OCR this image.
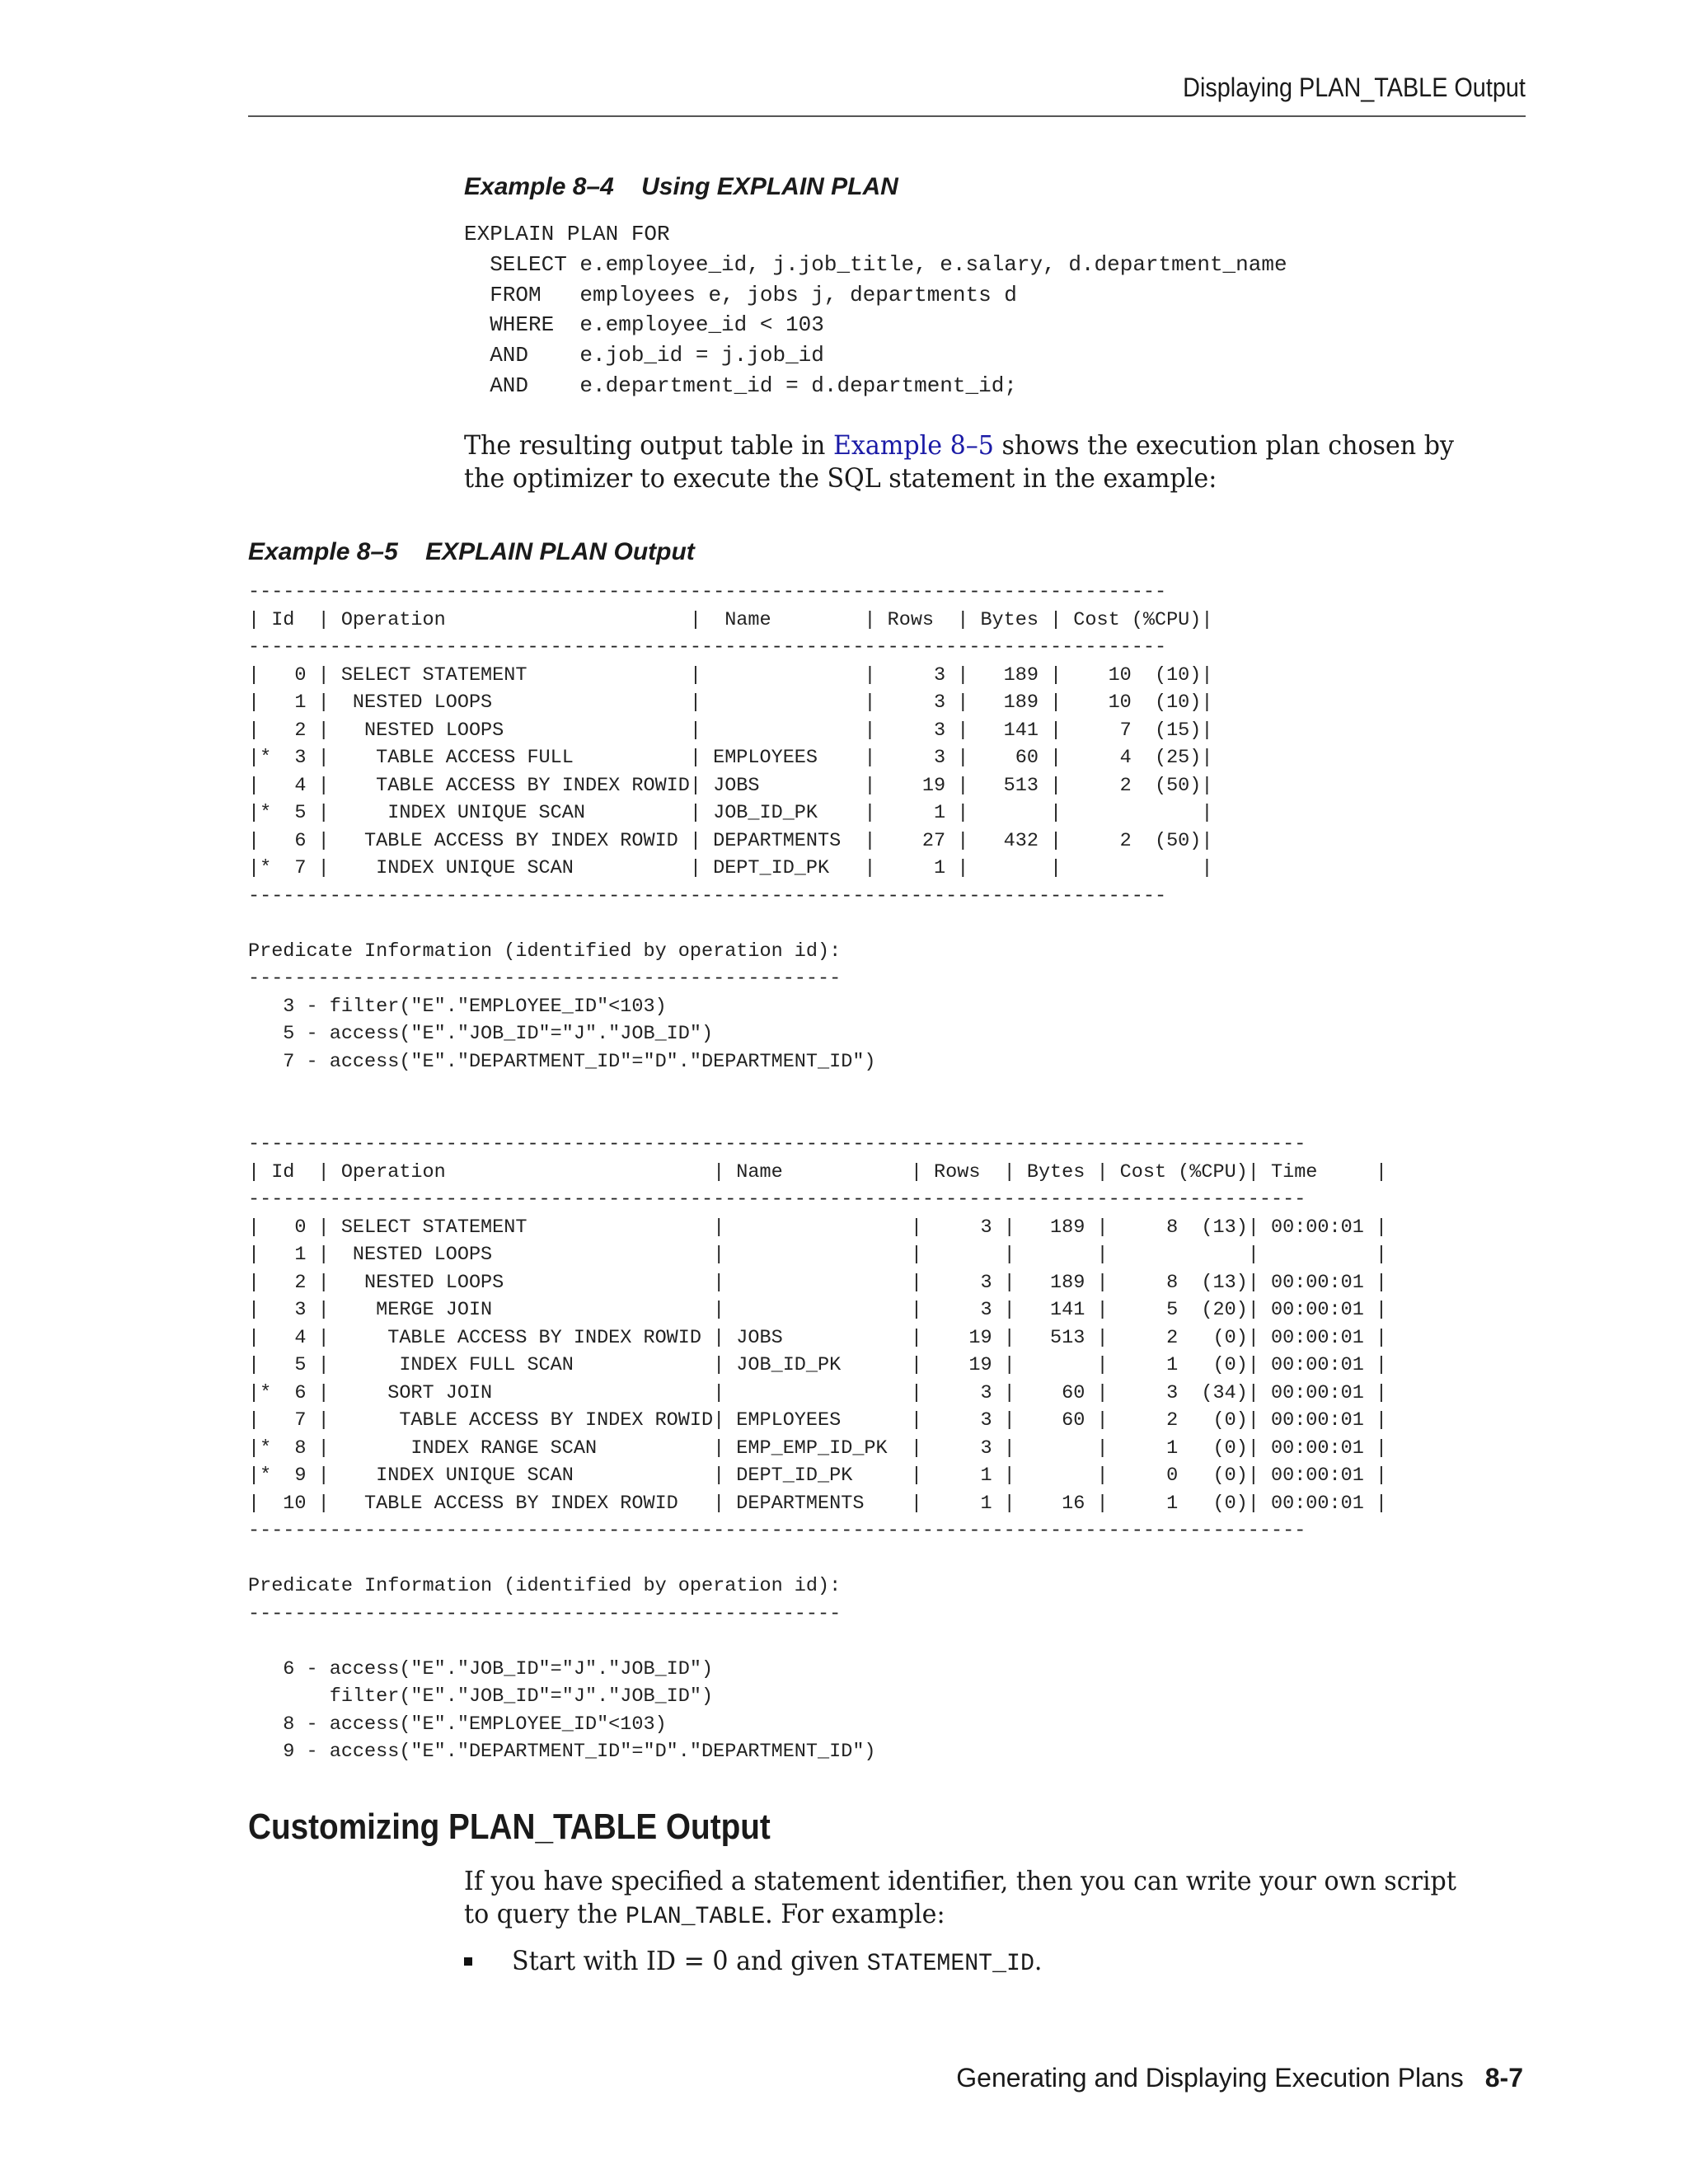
Displaying PLAN_TABLE Output
Example 8–4    Using EXPLAIN PLAN
EXPLAIN PLAN FOR
SELECT e.employee_id, j.job_title, e.salary, d.department_name
FROM   employees e, jobs j, departments d
WHERE  e.employee_id < 103
AND    e.job_id = j.job_id
AND    e.department_id = d.department_id;
The resulting output table in Example 8–5 shows the execution plan chosen by the optimizer to execute the SQL statement in the example:
Example 8–5    EXPLAIN PLAN Output
-------------------------------------------------------------------------------
| Id  | Operation                     |  Name        | Rows  | Bytes | Cost (%CPU)|
-------------------------------------------------------------------------------
|   0 | SELECT STATEMENT              |              |     3 |   189 |    10  (10)|
|   1 |  NESTED LOOPS                 |              |     3 |   189 |    10  (10)|
|   2 |   NESTED LOOPS                |              |     3 |   141 |     7  (15)|
|*  3 |    TABLE ACCESS FULL          | EMPLOYEES    |     3 |    60 |     4  (25)|
|   4 |    TABLE ACCESS BY INDEX ROWID| JOBS         |    19 |   513 |     2  (50)|
|*  5 |     INDEX UNIQUE SCAN         | JOB_ID_PK    |     1 |       |            |
|   6 |   TABLE ACCESS BY INDEX ROWID | DEPARTMENTS  |    27 |   432 |     2  (50)|
|*  7 |    INDEX UNIQUE SCAN          | DEPT_ID_PK   |     1 |       |            |
-------------------------------------------------------------------------------

Predicate Information (identified by operation id):
---------------------------------------------------
3 - filter("E"."EMPLOYEE_ID"<103)
5 - access("E"."JOB_ID"="J"."JOB_ID")
7 - access("E"."DEPARTMENT_ID"="D"."DEPARTMENT_ID")
-------------------------------------------------------------------------------------------
| Id  | Operation                       | Name           | Rows  | Bytes | Cost (%CPU)| Time     |
-------------------------------------------------------------------------------------------
|   0 | SELECT STATEMENT                |                |     3 |   189 |     8  (13)| 00:00:01 |
|   1 |  NESTED LOOPS                   |                |       |       |            |          |
|   2 |   NESTED LOOPS                  |                |     3 |   189 |     8  (13)| 00:00:01 |
|   3 |    MERGE JOIN                   |                |     3 |   141 |     5  (20)| 00:00:01 |
|   4 |     TABLE ACCESS BY INDEX ROWID | JOBS           |    19 |   513 |     2   (0)| 00:00:01 |
|   5 |      INDEX FULL SCAN            | JOB_ID_PK      |    19 |       |     1   (0)| 00:00:01 |
|*  6 |     SORT JOIN                   |                |     3 |    60 |     3  (34)| 00:00:01 |
|   7 |      TABLE ACCESS BY INDEX ROWID| EMPLOYEES      |     3 |    60 |     2   (0)| 00:00:01 |
|*  8 |       INDEX RANGE SCAN          | EMP_EMP_ID_PK  |     3 |       |     1   (0)| 00:00:01 |
|*  9 |    INDEX UNIQUE SCAN            | DEPT_ID_PK     |     1 |       |     0   (0)| 00:00:01 |
|  10 |   TABLE ACCESS BY INDEX ROWID   | DEPARTMENTS    |     1 |    16 |     1   (0)| 00:00:01 |
-------------------------------------------------------------------------------------------

Predicate Information (identified by operation id):
---------------------------------------------------

6 - access("E"."JOB_ID"="J"."JOB_ID")
filter("E"."JOB_ID"="J"."JOB_ID")
8 - access("E"."EMPLOYEE_ID"<103)
9 - access("E"."DEPARTMENT_ID"="D"."DEPARTMENT_ID")
Customizing PLAN_TABLE Output
If you have specified a statement identifier, then you can write your own script to query the PLAN_TABLE. For example:
Start with ID = 0 and given STATEMENT_ID.
Generating and Displaying Execution Plans 8-7
